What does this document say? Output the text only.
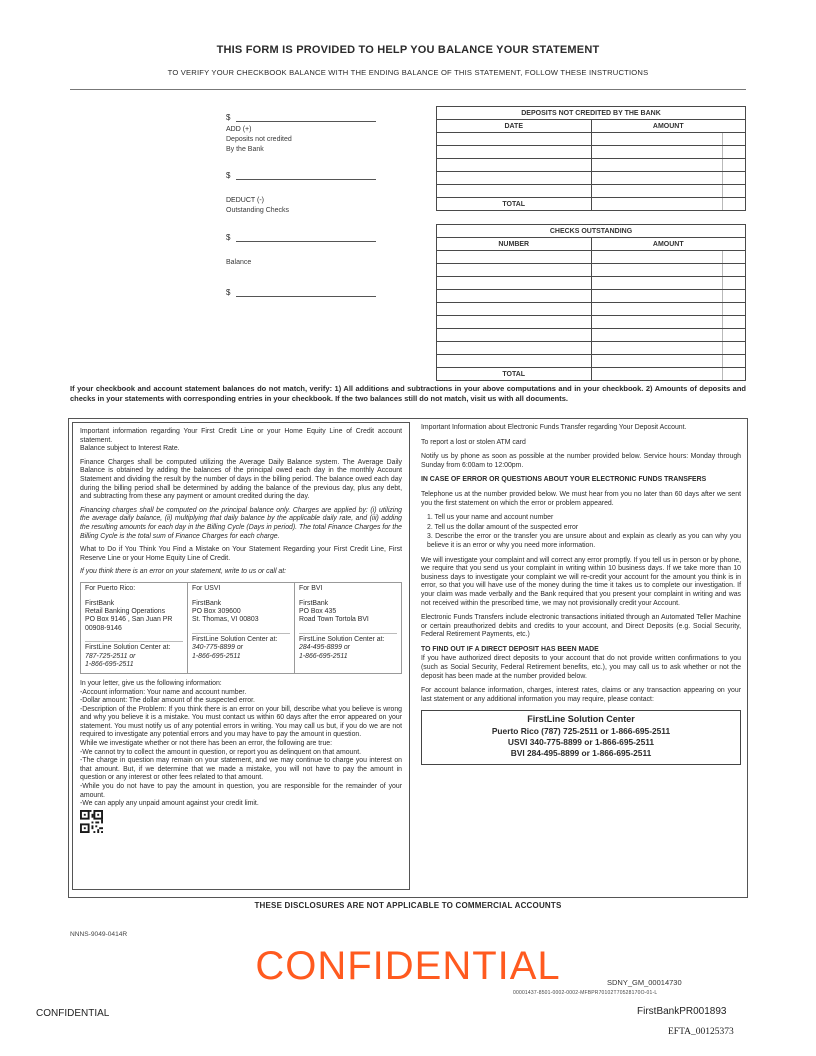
THIS FORM IS PROVIDED TO HELP YOU BALANCE YOUR STATEMENT
TO VERIFY YOUR CHECKBOOK BALANCE WITH THE ENDING BALANCE OF THIS STATEMENT, FOLLOW THESE INSTRUCTIONS
$
ADD (+)
Deposits not credited
By the Bank
$
DEDUCT (-)
Outstanding Checks
$
Balance
$
DEPOSITS NOT CREDITED BY THE BANK	
DATE	AMOUNT

TOTAL	
CHECKS OUTSTANDING	
NUMBER	AMOUNT

TOTAL	
If your checkbook and account statement balances do not match, verify: 1) All additions and subtractions in your above computations and in your checkbook. 2) Amounts of deposits and checks in your statements with corresponding entries in your checkbook. If the two balances still do not match, visit us with all documents.

Important information regarding Your First Credit Line or your Home Equity Line of Credit account statement.

Balance subject to Interest Rate.

Finance Charges shall be computed utilizing the Average Daily Balance system. The Average Daily Balance is obtained by adding the balances of the principal owed each day in the monthly Account Statement and dividing the result by the number of days in the billing period. The balance owed each day during the billing period shall be determined by adding the balance of the previous day, plus any debt, and subtracting from these any payment or amount credited during the day.

Financing charges shall be computed on the principal balance only. Charges are applied by: (i) utilizing the average daily balance, (ii) multiplying that daily balance by the applicable daily rate, and (iii) adding the resulting amounts for each day in the Billing Cycle (Days in period). The total Finance Charges for the Billing Cycle is the total sum of Finance Charges for each charge.

What to Do if You Think You Find a Mistake on Your Statement Regarding your First Credit Line, First Reserve Line or your Home Equity Line of Credit.

If you think there is an error on your statement, write to us or call at:

For Puerto Rico:
FirstBank
Retail Banking Operations
PO Box 9146 , San Juan PR
00908-9146
FirstLine Solution Center at:
787-725-2511 or
1-866-695-2511
For USVI
FirstBank
PO Box 309600
St. Thomas, VI 00803
FirstLine Solution Center at:
340-775-8899 or
1-866-695-2511
For BVI
FirstBank
PO Box 435
Road Town Tortola BVI
FirstLine Solution Center at:
284-495-8899 or
1-866-695-2511

In your letter, give us the following information:

-Account information: Your name and account number.

-Dollar amount: The dollar amount of the suspected error.

-Description of the Problem: If you think there is an error on your bill, describe what you believe is wrong and why you believe it is a mistake. You must contact us within 60 days after the error appeared on your statement. You must notify us of any potential errors in writing. You may call us but, if you do we are not required to investigate any potential errors and you may have to pay the amount in question.

While we investigate whether or not there has been an error, the following are true:

-We cannot try to collect the amount in question, or report you as delinquent on that amount.

-The charge in question may remain on your statement, and we may continue to charge you interest on that amount. But, if we determine that we made a mistake, you will not have to pay the amount in question or any interest or other fees related to that amount.

-While you do not have to pay the amount in question, you are responsible for the remainder of your amount.

-We can apply any unpaid amount against your credit limit.

Important Information about Electronic Funds Transfer regarding Your Deposit Account.

To report a lost or stolen ATM card

Notify us by phone as soon as possible at the number provided below. Service hours: Monday through Sunday from 6:00am to 12:00pm.

IN CASE OF ERROR OR QUESTIONS ABOUT YOUR ELECTRONIC FUNDS TRANSFERS

Telephone us at the number provided below. We must hear from you no later than 60 days after we sent you the first statement on which the error or problem appeared.

1. Tell us your name and account number
2. Tell us the dollar amount of the suspected error
3. Describe the error or the transfer you are unsure about and explain as clearly as you can why you believe it is an error or why you need more information.

We will investigate your complaint and will correct any error promptly. If you tell us in person or by phone, we require that you send us your complaint in writing within 10 business days. If we take more than 10 business days to investigate your complaint we will re-credit your account for the amount you think is in error, so that you will have use of the money during the time it takes us to complete our investigation. If your claim was made verbally and the Bank required that you present your complaint in writing and was not received within the prescribed time, we may not provisionally credit your Account.

Electronic Funds Transfers include electronic transactions initiated through an Automated Teller Machine or certain preauthorized debits and credits to your account, and Direct Deposits (e.g. Social Security, Federal Retirement Payments, etc.)

TO FIND OUT IF A DIRECT DEPOSIT HAS BEEN MADE

If you have authorized direct deposits to your account that do not provide written confirmations to you (such as Social Security, Federal Retirement benefits, etc.), you may call us to ask whether or not the deposit has been made at the number provided below.

For account balance information, charges, interest rates, claims or any transaction appearing on your last statement or any additional information you may require, please contact:

FirstLine Solution Center
Puerto Rico (787) 725-2511 or 1-866-695-2511
USVI 340-775-8899 or 1-866-695-2511
BVI 284-495-8899 or 1-866-695-2511
THESE DISCLOSURES ARE NOT APPLICABLE TO COMMERCIAL ACCOUNTS
NNNS-9049-0414R
CONFIDENTIAL	SDNY_GM_00014730
00001437-8501-0002-0002-MFBPR70102T70528170O-01-L
CONFIDENTIAL	FirstBankPR001893
EFTA_00125373
